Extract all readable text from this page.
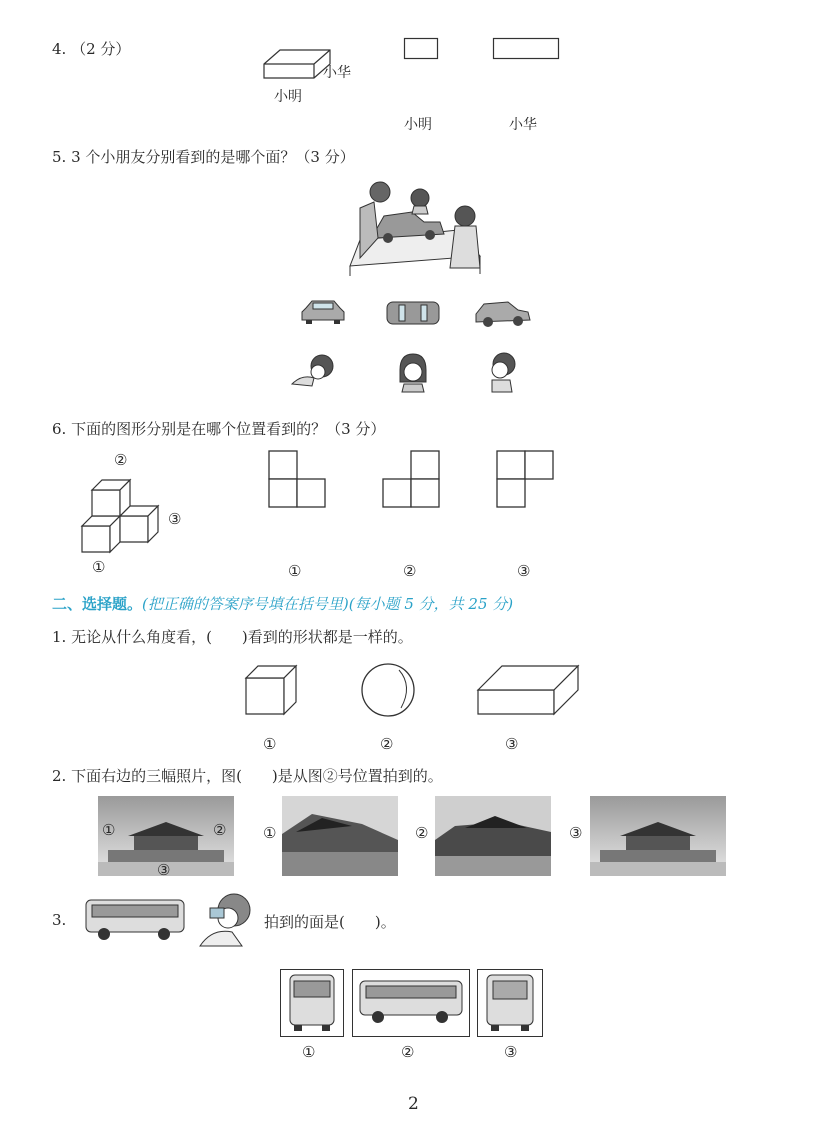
4. （2 分）
小华
小明
小明	小华
5. 3 个小朋友分别看到的是哪个面？（3 分）
6. 下面的图形分别是在哪个位置看到的？（3 分）
②
③
①	①	②	③
二、选择题。(把正确的答案序号填在括号里)(每小题 5 分，共 25 分)
1. 无论从什么角度看，(　　)看到的形状都是一样的。
①	②	③
2. 下面右边的三幅照片，图(　　)是从图②号位置拍到的。
①	②
③
①	②	③
3.	拍到的面是(　　)。
①	②	③
2
